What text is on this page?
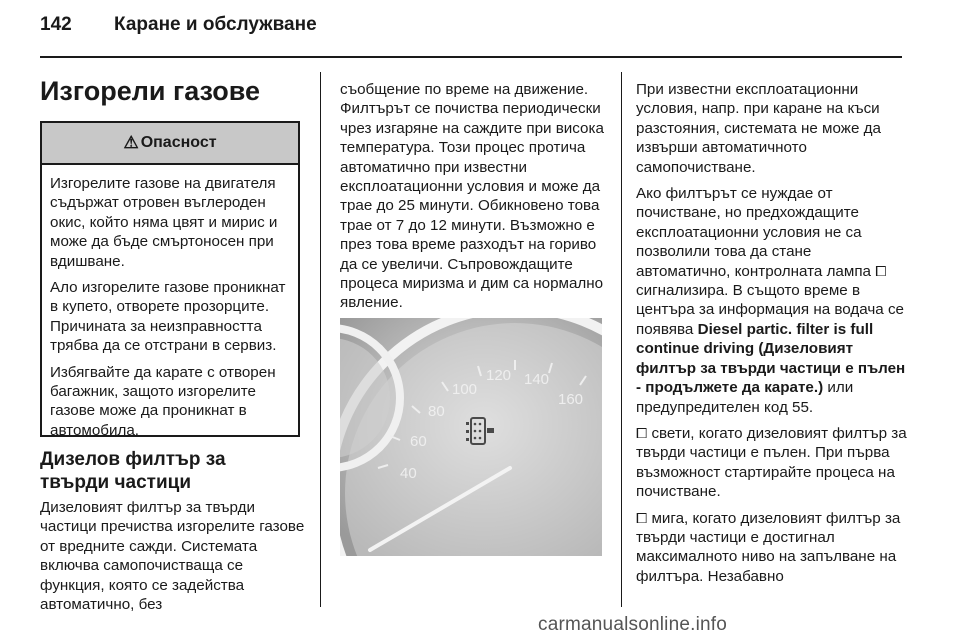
142 Каране и обслужване
Изгорели газове
⚠ Опасност

Изгорелите газове на двигателя съдържат отровен въглероден окис, който няма цвят и мирис и може да бъде смъртоносен при вдишване.

Ало изгорелите газове проникнат в купето, отворете прозорците. Причината за неизправността трябва да се отстрани в сервиз.

Избягвайте да карате с отворен багажник, защото изгорелите газове може да проникнат в автомобила.

Дизелов филтър за твърди частици

Дизеловият филтър за твърди частици пречиства изгорелите газове от вредните сажди. Системата включва самопочистваща се функция, която се задейства автоматично, без

съобщение по време на движение. Филтърът се почиства периодически чрез изгаряне на саждите при висока температура. Този процес протича автоматично при известни експлоатационни условия и може да трае до 25 минути. Обикновено това трае от 7 до 12 минути. Възможно е през това време разходът на гориво да се увеличи. Съпровождащите процеса миризма и дим са нормално явление.

40
60
80
100
120 140
160

При известни експлоатационни условия, напр. при каране на къси разстояния, системата не може да извърши автоматичното самопочистване.

Ако филтърът се нуждае от почистване, но предхождащите експлоатационни условия не са позволили това да стане автоматично, контролната лампа ⧠ сигнализира. В същото време в центъра за информация на водача се появява Diesel partic. filter is full continue driving (Дизеловият филтър за твърди частици е пълен - продължете да карате.) или предупредителен код 55.

⧠ свети, когато дизеловият филтър за твърди частици е пълен. При първа възможност стартирайте процеса на почистване.

⧠ мига, когато дизеловият филтър за твърди частици е достигнал максималното ниво на запълване на филтъра. Незабавно

carmanualsonline.info
